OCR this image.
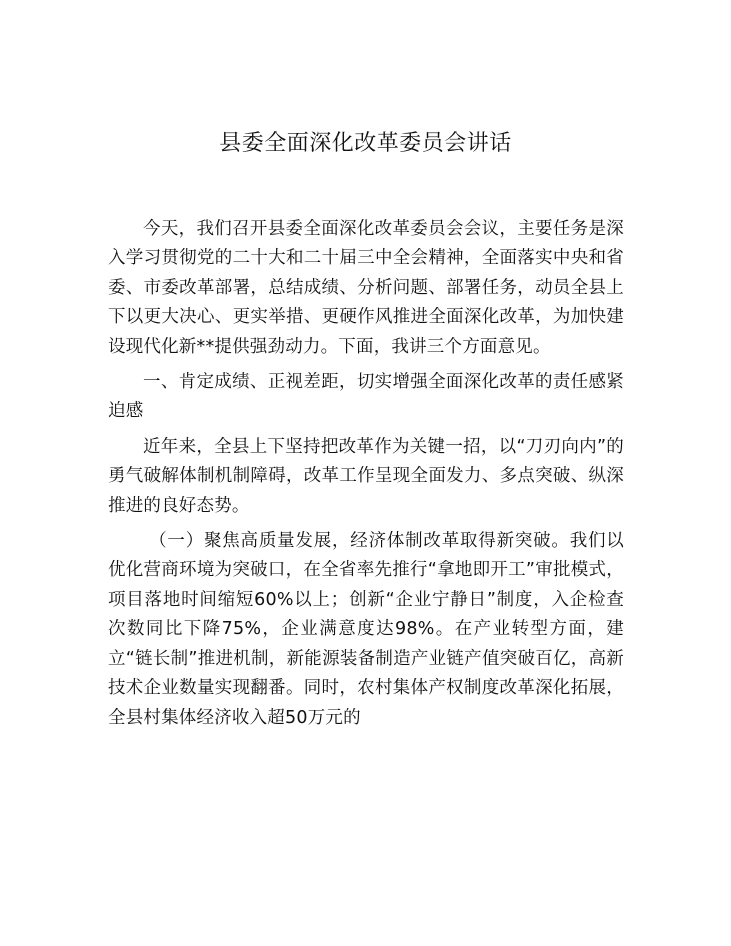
县委全面深化改革委员会讲话

今天，我们召开县委全面深化改革委员会会议，主要任务是深入学习贯彻党的二十大和二十届三中全会精神，全面落实中央和省委、市委改革部署，总结成绩、分析问题、部署任务，动员全县上下以更大决心、更实举措、更硬作风推进全面深化改革，为加快建设现代化新**提供强劲动力。下面，我讲三个方面意见。

一、肯定成绩、正视差距，切实增强全面深化改革的责任感紧迫感

近年来，全县上下坚持把改革作为关键一招，以“刀刃向内”的勇气破解体制机制障碍，改革工作呈现全面发力、多点突破、纵深推进的良好态势。

（一）聚焦高质量发展，经济体制改革取得新突破。我们以优化营商环境为突破口，在全省率先推行“拿地即开工”审批模式，项目落地时间缩短60%以上；创新“企业宁静日”制度，入企检查次数同比下降75%，企业满意度达98%。在产业转型方面，建立“链长制”推进机制，新能源装备制造产业链产值突破百亿，高新技术企业数量实现翻番。同时，农村集体产权制度改革深化拓展，全县村集体经济收入超50万元的
